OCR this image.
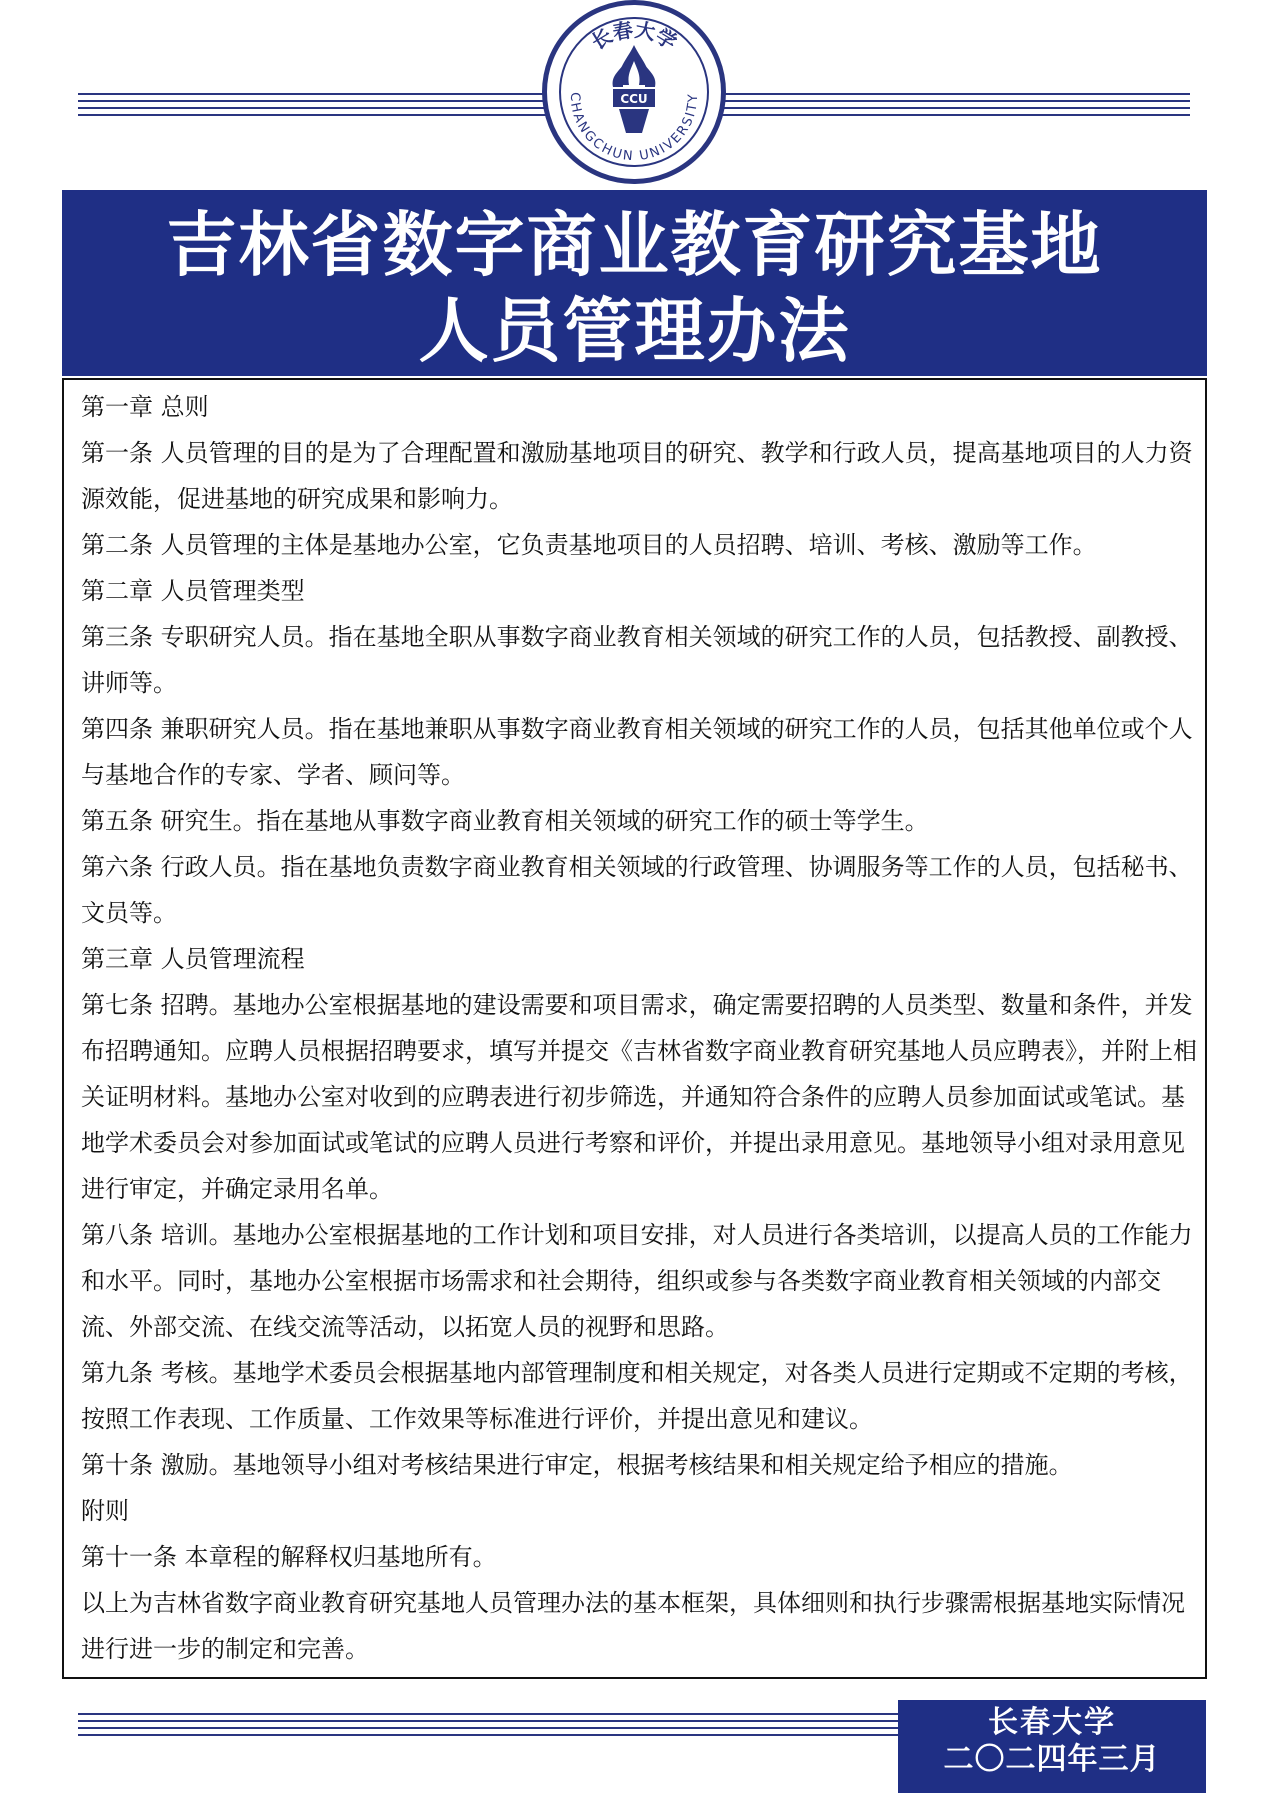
长春大学
CHANGCHUN UNIVERSITY
CCU
吉林省数字商业教育研究基地
人员管理办法

第一章 总则

第一条 人员管理的目的是为了合理配置和激励基地项目的研究、教学和行政人员，提高基地项目的人力资源效能，促进基地的研究成果和影响力。

第二条 人员管理的主体是基地办公室，它负责基地项目的人员招聘、培训、考核、激励等工作。

第二章 人员管理类型

第三条 专职研究人员。指在基地全职从事数字商业教育相关领域的研究工作的人员，包括教授、副教授、讲师等。

第四条 兼职研究人员。指在基地兼职从事数字商业教育相关领域的研究工作的人员，包括其他单位或个人与基地合作的专家、学者、顾问等。

第五条 研究生。指在基地从事数字商业教育相关领域的研究工作的硕士等学生。

第六条 行政人员。指在基地负责数字商业教育相关领域的行政管理、协调服务等工作的人员，包括秘书、文员等。

第三章 人员管理流程

第七条 招聘。基地办公室根据基地的建设需要和项目需求，确定需要招聘的人员类型、数量和条件，并发布招聘通知。应聘人员根据招聘要求，填写并提交《吉林省数字商业教育研究基地人员应聘表》，并附上相关证明材料。基地办公室对收到的应聘表进行初步筛选，并通知符合条件的应聘人员参加面试或笔试。基地学术委员会对参加面试或笔试的应聘人员进行考察和评价，并提出录用意见。基地领导小组对录用意见进行审定，并确定录用名单。

第八条 培训。基地办公室根据基地的工作计划和项目安排，对人员进行各类培训，以提高人员的工作能力和水平。同时，基地办公室根据市场需求和社会期待，组织或参与各类数字商业教育相关领域的内部交流、外部交流、在线交流等活动，以拓宽人员的视野和思路。

第九条 考核。基地学术委员会根据基地内部管理制度和相关规定，对各类人员进行定期或不定期的考核，按照工作表现、工作质量、工作效果等标准进行评价，并提出意见和建议。

第十条 激励。基地领导小组对考核结果进行审定，根据考核结果和相关规定给予相应的措施。

附则

第十一条 本章程的解释权归基地所有。

以上为吉林省数字商业教育研究基地人员管理办法的基本框架，具体细则和执行步骤需根据基地实际情况进行进一步的制定和完善。

长春大学
二〇二四年三月
